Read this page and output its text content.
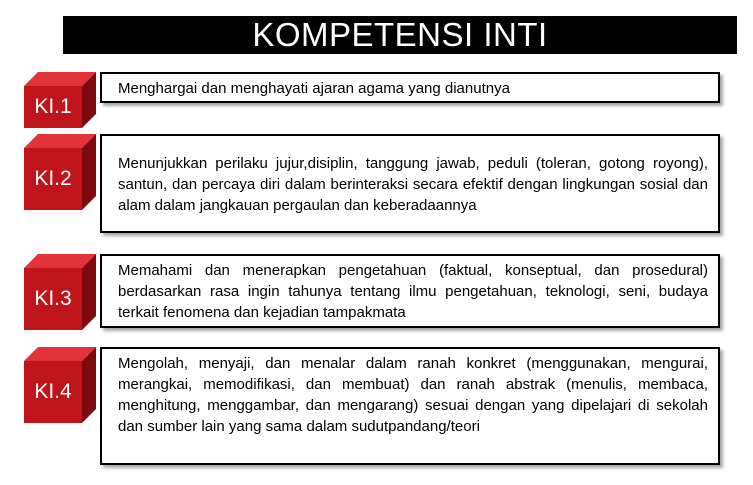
KOMPETENSI INTI
KI.1
Menghargai dan menghayati ajaran agama yang dianutnya
KI.2
Menunjukkan perilaku jujur,disiplin, tanggung jawab, peduli (toleran, gotong royong), santun, dan percaya diri dalam berinteraksi secara efektif dengan lingkungan sosial dan alam dalam jangkauan pergaulan dan keberadaannya
KI.3
Memahami dan menerapkan pengetahuan (faktual, konseptual, dan prosedural) berdasarkan rasa ingin tahunya tentang ilmu pengetahuan, teknologi, seni, budaya terkait fenomena dan kejadian tampakmata
KI.4
Mengolah, menyaji, dan menalar dalam ranah konkret (menggunakan, mengurai, merangkai, memodifikasi, dan membuat) dan ranah abstrak (menulis, membaca, menghitung, menggambar, dan mengarang) sesuai dengan yang dipelajari di sekolah dan sumber lain yang sama dalam sudutpandang/teori
